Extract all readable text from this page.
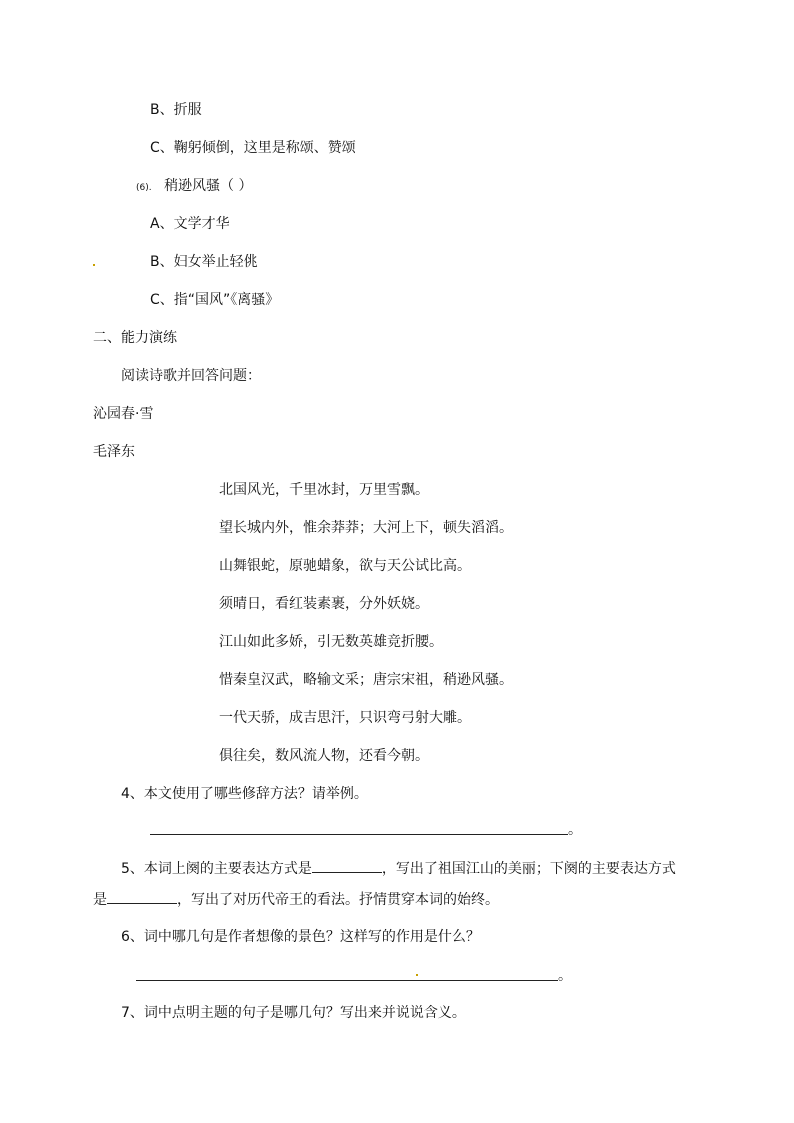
B、折服
C、鞠躬倾倒，这里是称颂、赞颂
(6). 稍逊风骚（ ）
A、文学才华
B、妇女举止轻佻
C、指“国风”《离骚》
二、能力演练
阅读诗歌并回答问题：
沁园春·雪
毛泽东
北国风光，千里冰封，万里雪飘。
望长城内外，惟余莽莽；大河上下，顿失滔滔。
山舞银蛇，原驰蜡象，欲与天公试比高。
须晴日，看红装素裹，分外妖娆。
江山如此多娇，引无数英雄竞折腰。
惜秦皇汉武，略输文采；唐宗宋祖，稍逊风骚。
一代天骄，成吉思汗，只识弯弓射大雕。
俱往矣，数风流人物，还看今朝。
4、本文使用了哪些修辞方法？请举例。
。
5、本词上阕的主要表达方式是	，写出了祖国江山的美丽；下阕的主要表达方式
是	，写出了对历代帝王的看法。抒情贯穿本词的始终。
6、词中哪几句是作者想像的景色？这样写的作用是什么？
。
7、词中点明主题的句子是哪几句？写出来并说说含义。
